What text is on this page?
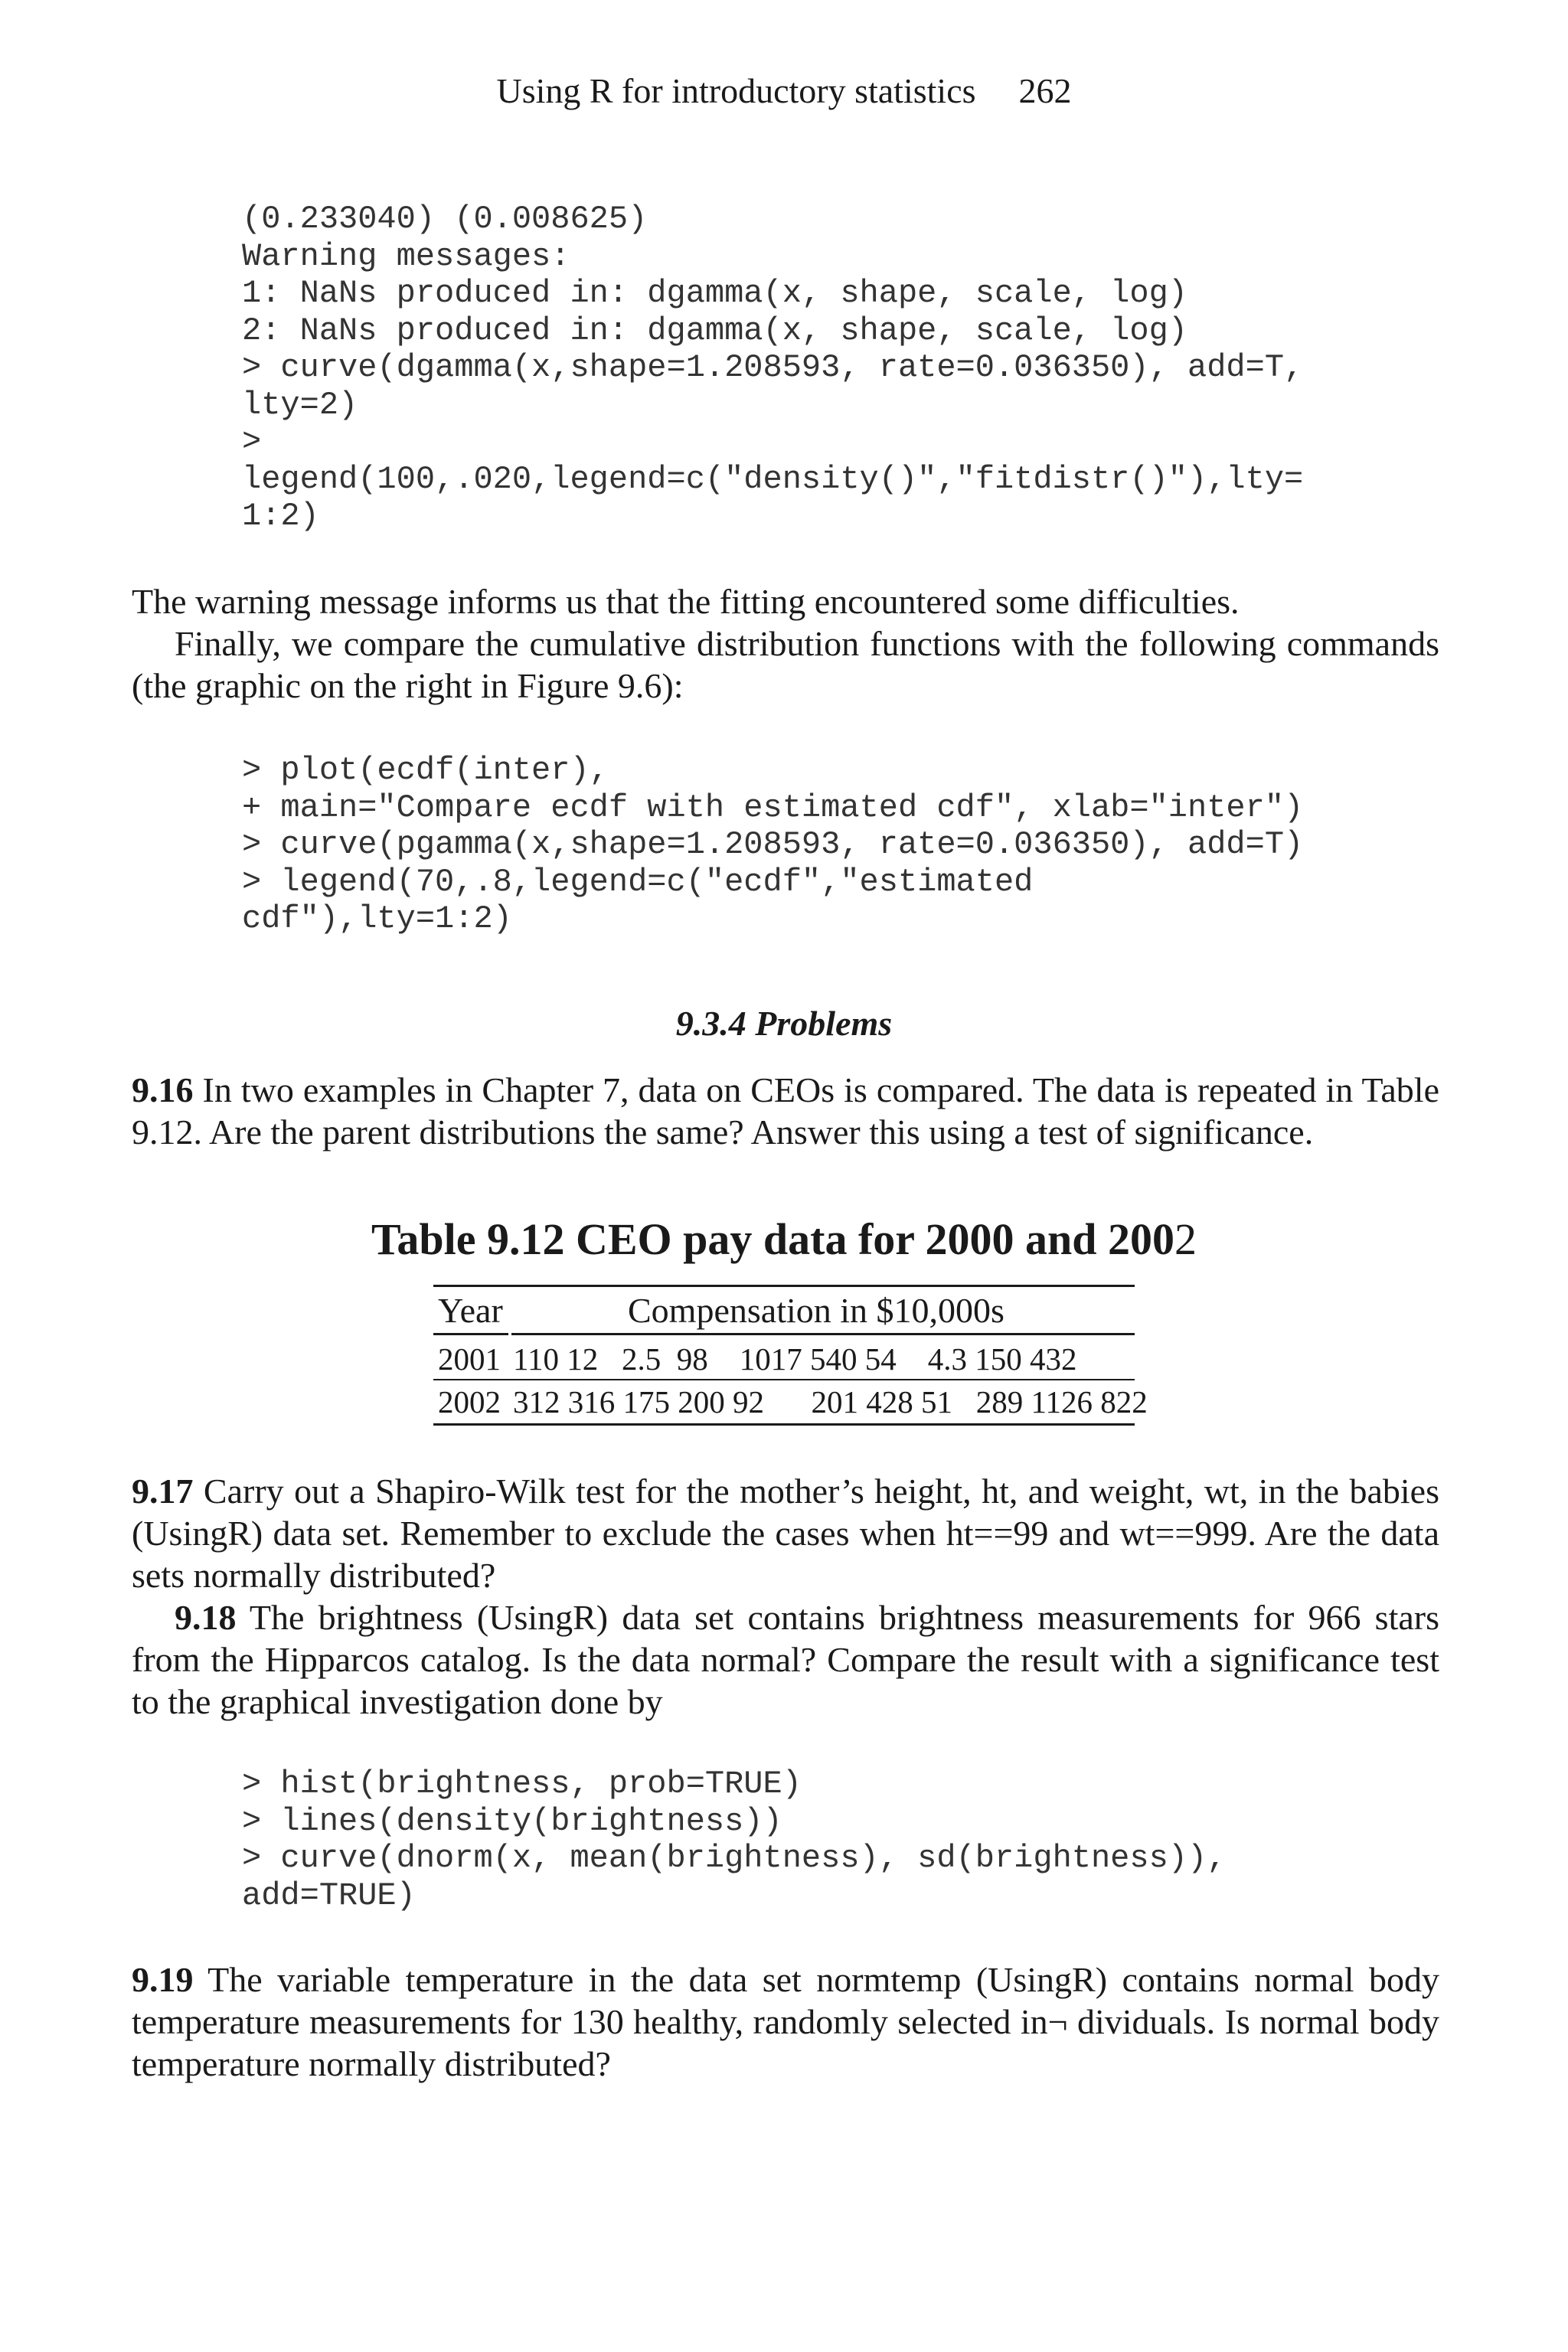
Using R for introductory statistics 262
(0.233040) (0.008625)
Warning messages:
1: NaNs produced in: dgamma(x, shape, scale, log)
2: NaNs produced in: dgamma(x, shape, scale, log)
> curve(dgamma(x,shape=1.208593, rate=0.036350), add=T,
lty=2)
>
legend(100,.020,legend=c("density()","fitdistr()"),lty=
1:2)

The warning message informs us that the fitting encountered some difficulties.

Finally, we compare the cumulative distribution functions with the following commands (the graphic on the right in Figure 9.6):

> plot(ecdf(inter),
+ main="Compare ecdf with estimated cdf", xlab="inter")
> curve(pgamma(x,shape=1.208593, rate=0.036350), add=T)
> legend(70,.8,legend=c("ecdf","estimated
cdf"),lty=1:2)
9.3.4 Problems

9.16 In two examples in Chapter 7, data on CEOs is compared. The data is repeated in Table 9.12. Are the parent distributions the same? Answer this using a test of significance.

Table 9.12 CEO pay data for 2000 and 2002
Year	Compensation in $10,000s
2001 110 12   2.5  98    1017 540 54    4.3 150 432
2002 312 316 175 200 92      201 428 51   289 1126 822

9.17 Carry out a Shapiro-Wilk test for the mother’s height, ht, and weight, wt, in the babies (UsingR) data set. Remember to exclude the cases when ht==99 and wt==999. Are the data sets normally distributed?

9.18 The brightness (UsingR) data set contains brightness measurements for 966 stars from the Hipparcos catalog. Is the data normal? Compare the result with a significance test to the graphical investigation done by

> hist(brightness, prob=TRUE)
> lines(density(brightness))
> curve(dnorm(x, mean(brightness), sd(brightness)),
add=TRUE)

9.19 The variable temperature in the data set normtemp (UsingR) contains normal body temperature measurements for 130 healthy, randomly selected in¬ dividuals. Is normal body temperature normally distributed?
